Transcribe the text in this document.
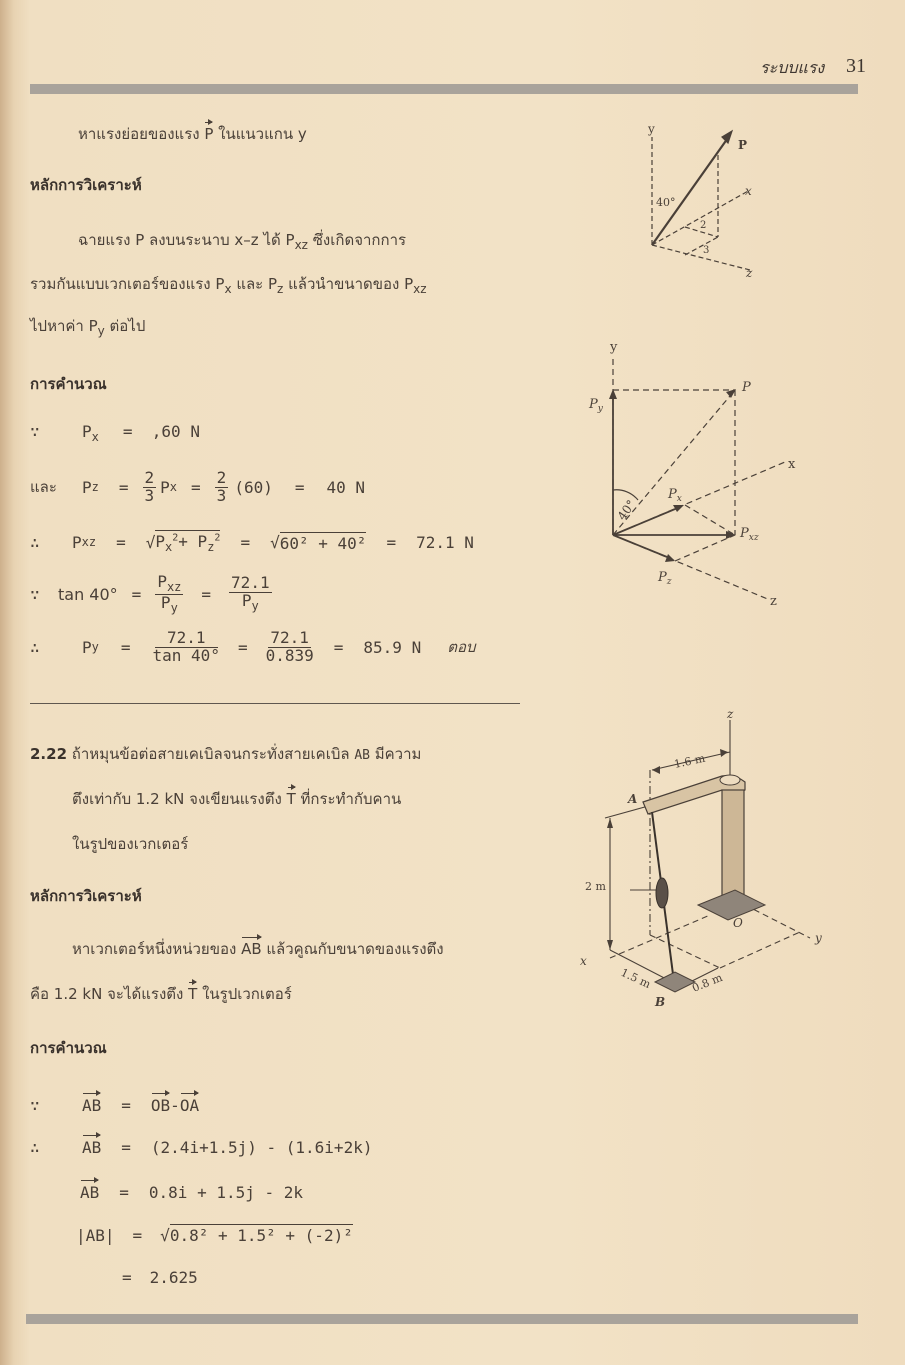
ระบบแรง 31
หาแรงย่อยของแรง P ในแนวแกน y
หลักการวิเคราะห์
ฉายแรง P ลงบนระนาบ x–z ได้ $P_{xz}$ ซึ่งเกิดจากการ
รวมกันแบบเวกเตอร์ของแรง $P_x$ และ $P_z$ แล้วนำขนาดของ $P_{xz}$
ไปหาค่า $P_y$ ต่อไป
การคำนวณ
∵	$P_x = ,60$ N
และ	P $z = \frac{2}{3}$ P $x = \frac{2}{3} (60) = 40$ N
∴	P xz = √ $P_x^2+ P_z^2$ = √ 60² + 40² = 72.1 N
∵	$\tan 40^\circ = \frac{P_{xz}}{P_y} = \frac{72.1}{P_y}$
∴	P $y = \frac{72.1}{\tan 40^\circ} = \frac{72.1}{0.839} = 85.9$ N ตอบ
2.22 ถ้าหมุนข้อต่อสายเคเบิลจนกระทั่งสายเคเบิล AB มีความ
ตึงเท่ากับ 1.2 kN จงเขียนแรงตึง T ที่กระทำกับคาน
ในรูปของเวกเตอร์
หลักการวิเคราะห์
หาเวกเตอร์หนึ่งหน่วยของ AB แล้วคูณกับขนาดของแรงตึง
คือ 1.2 kN จะได้แรงตึง T ในรูปเวกเตอร์
การคำนวณ
∵	AB = OB-OA
∴	AB = (2.4i+1.5j) - (1.6i+2k)
AB = 0.8i + 1.5j - 2k
|AB| = √0.8² + 1.5² + (-2)²
= 2.625
y
P
x
z
40°
2
3
y
P
$P_y$
$P_x$
$P_{xz}$
$P_z$
x
z
40°
z
A
O
B
x
y
1.6 m
2 m
1.5 m	0.8 m
